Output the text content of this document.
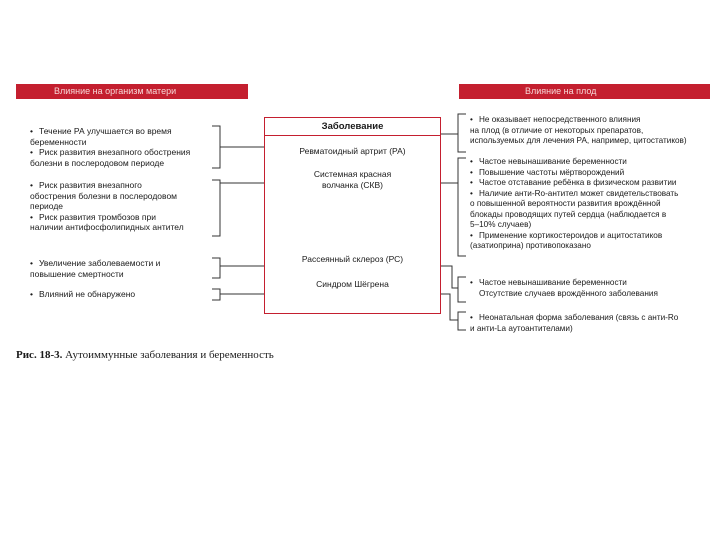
Влияние на организм матери	Влияние на плод
Заболевание
Ревматоидный артрит (РА)
Системная красная
волчанка (СКВ)
Рассеянный склероз (РС)
Синдром Шёгрена
• Течение РА улучшается во время
беременности
• Риск развития внезапного обострения
болезни в послеродовом периоде
• Риск развития внезапного
обострения болезни в послеродовом
периоде
• Риск развития тромбозов при
наличии антифосфолипидных антител
• Увеличение заболеваемости и
повышение смертности
• Влияний не обнаружено
• Не оказывает непосредственного влияния
на плод (в отличие от некоторых препаратов,
используемых для лечения РА, например, цитостатиков)
• Частое невынашивание беременности
• Повышение частоты мёртворождений
• Частое отставание ребёнка в физическом развитии
• Наличие анти-Ro-антител может свидетельствовать
о повышенной вероятности развития врождённой
блокады проводящих путей сердца (наблюдается в
5–10% случаев)
• Применение кортикостероидов и ацитостатиков
(азатиоприна) противопоказано
• Частое невынашивание беременности
Отсутствие случаев врождённого заболевания
• Неонатальная форма заболевания (связь с анти-Ro
и анти-La аутоантителами)
Рис. 18-3. Аутоиммунные заболевания и беременность
